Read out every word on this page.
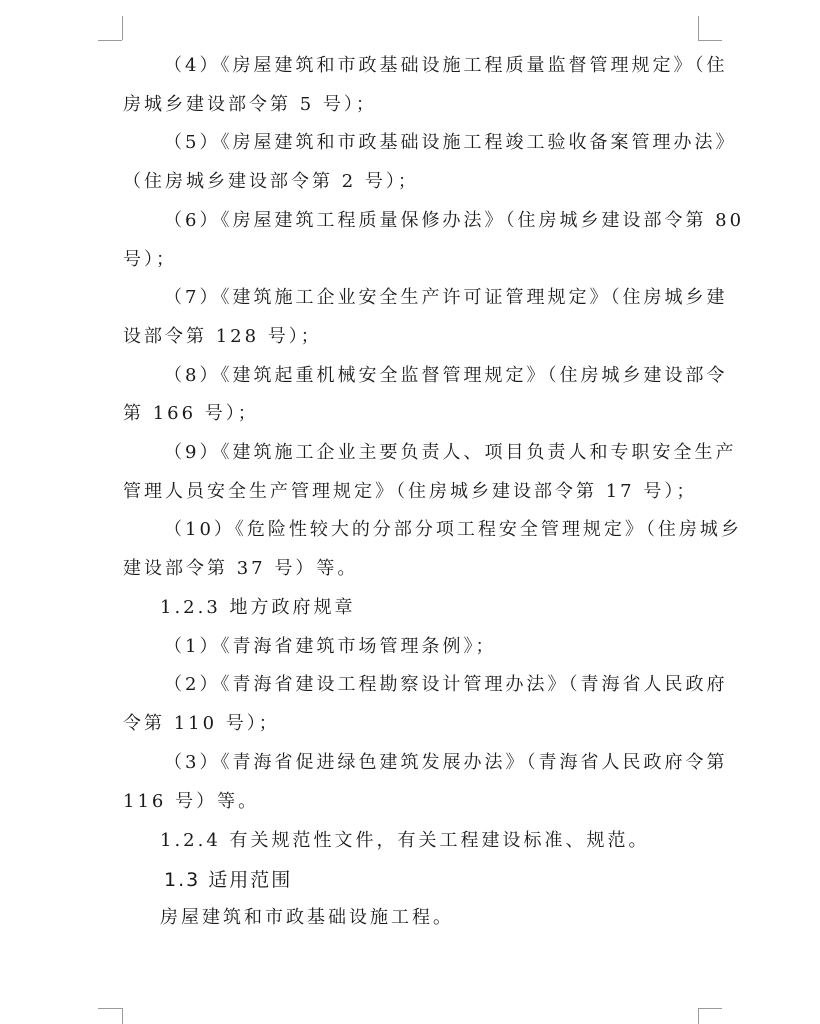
（4）《房屋建筑和市政基础设施工程质量监督管理规定》（住
房城乡建设部令第 5 号）；
（5）《房屋建筑和市政基础设施工程竣工验收备案管理办法》
（住房城乡建设部令第 2 号）；
（6）《房屋建筑工程质量保修办法》（住房城乡建设部令第 80
号）；
（7）《建筑施工企业安全生产许可证管理规定》（住房城乡建
设部令第 128 号）；
（8）《建筑起重机械安全监督管理规定》（住房城乡建设部令
第 166 号）；
（9）《建筑施工企业主要负责人、项目负责人和专职安全生产
管理人员安全生产管理规定》（住房城乡建设部令第 17 号）；
（10）《危险性较大的分部分项工程安全管理规定》（住房城乡
建设部令第 37 号）等。
1.2.3 地方政府规章
（1）《青海省建筑市场管理条例》；
（2）《青海省建设工程勘察设计管理办法》（青海省人民政府
令第 110 号）；
（3）《青海省促进绿色建筑发展办法》（青海省人民政府令第
116 号）等。
1.2.4 有关规范性文件，有关工程建设标准、规范。
1.3 适用范围
房屋建筑和市政基础设施工程。
